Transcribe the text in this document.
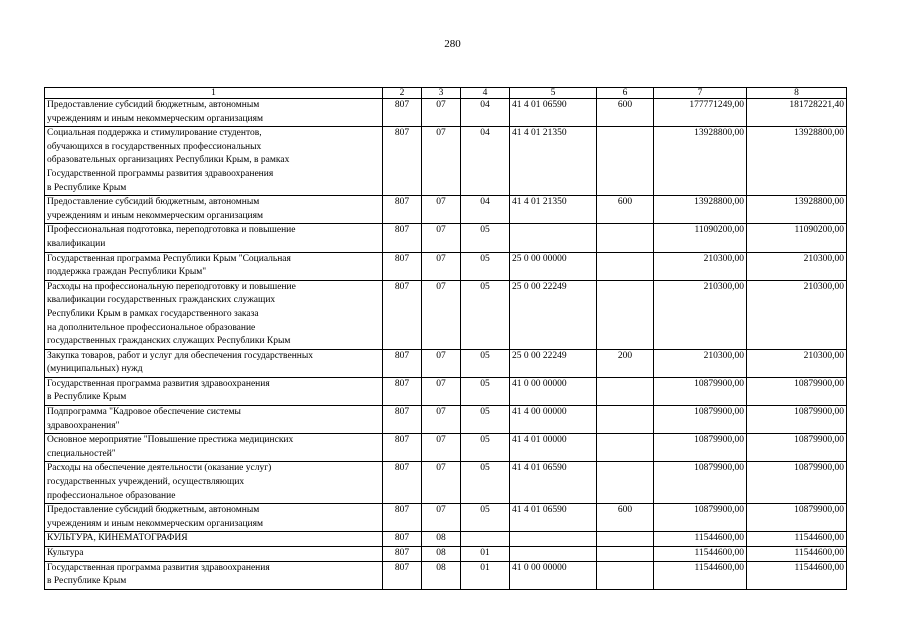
280
1	2	3	4	5	6	7	8
Предоставление субсидий бюджетным, автономным
учреждениям и иным некоммерческим организациям	807	07	04	41 4 01 06590	600	177771249,00	181728221,40
Социальная поддержка и стимулирование студентов,
обучающихся в государственных профессиональных
образовательных организациях Республики Крым, в рамках
Государственной программы развития здравоохранения
в Республике Крым	807	07	04	41 4 01 21350		13928800,00	13928800,00
Предоставление субсидий бюджетным, автономным
учреждениям и иным некоммерческим организациям	807	07	04	41 4 01 21350	600	13928800,00	13928800,00
Профессиональная подготовка, переподготовка и повышение
квалификации	807	07	05			11090200,00	11090200,00
Государственная программа Республики Крым "Социальная
поддержка граждан Республики Крым"	807	07	05	25 0 00 00000		210300,00	210300,00
Расходы на профессиональную переподготовку и повышение
квалификации государственных гражданских служащих
Республики Крым в рамках государственного заказа
на дополнительное профессиональное образование
государственных гражданских служащих Республики Крым	807	07	05	25 0 00 22249		210300,00	210300,00
Закупка товаров, работ и услуг для обеспечения государственных
(муниципальных) нужд	807	07	05	25 0 00 22249	200	210300,00	210300,00
Государственная программа развития здравоохранения
в Республике Крым	807	07	05	41 0 00 00000		10879900,00	10879900,00
Подпрограмма "Кадровое обеспечение системы
здравоохранения"	807	07	05	41 4 00 00000		10879900,00	10879900,00
Основное мероприятие "Повышение престижа медицинских
специальностей"	807	07	05	41 4 01 00000		10879900,00	10879900,00
Расходы на обеспечение деятельности (оказание услуг)
государственных учреждений, осуществляющих
профессиональное образование	807	07	05	41 4 01 06590		10879900,00	10879900,00
Предоставление субсидий бюджетным, автономным
учреждениям и иным некоммерческим организациям	807	07	05	41 4 01 06590	600	10879900,00	10879900,00
КУЛЬТУРА, КИНЕМАТОГРАФИЯ	807	08				11544600,00	11544600,00
Культура	807	08	01			11544600,00	11544600,00
Государственная программа развития здравоохранения
в Республике Крым	807	08	01	41 0 00 00000		11544600,00	11544600,00
